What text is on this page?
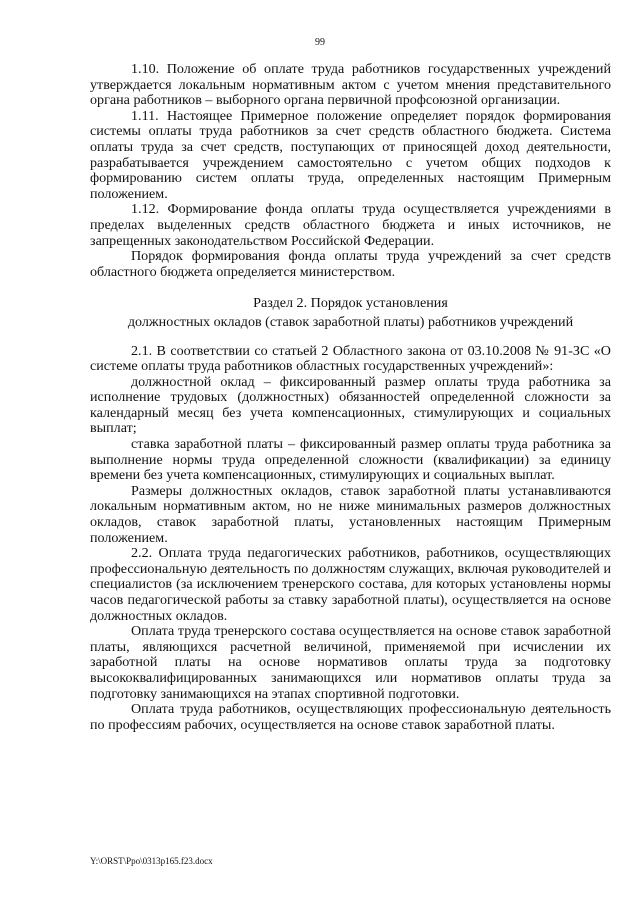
99

1.10. Положение об оплате труда работников государственных учреждений утверждается локальным нормативным актом с учетом мнения представительного органа работников – выборного органа первичной профсоюзной организации.

1.11. Настоящее Примерное положение определяет порядок формирования системы оплаты труда работников за счет средств областного бюджета. Система оплаты труда за счет средств, поступающих от приносящей доход деятельности, разрабатывается учреждением самостоятельно с учетом общих подходов к формированию систем оплаты труда, определенных настоящим Примерным положением.

1.12. Формирование фонда оплаты труда осуществляется учреждениями в пределах выделенных средств областного бюджета и иных источников, не запрещенных законодательством Российской Федерации.

Порядок формирования фонда оплаты труда учреждений за счет средств областного бюджета определяется министерством.

Раздел 2. Порядок установления

должностных окладов (ставок заработной платы) работников учреждений

2.1. В соответствии со статьей 2 Областного закона от 03.10.2008 № 91-ЗС «О системе оплаты труда работников областных государственных учреждений»:

должностной оклад – фиксированный размер оплаты труда работника за исполнение трудовых (должностных) обязанностей определенной сложности за календарный месяц без учета компенсационных, стимулирующих и социальных выплат;

ставка заработной платы – фиксированный размер оплаты труда работника за выполнение нормы труда определенной сложности (квалификации) за единицу времени без учета компенсационных, стимулирующих и социальных выплат.

Размеры должностных окладов, ставок заработной платы устанавливаются локальным нормативным актом, но не ниже минимальных размеров должностных окладов, ставок заработной платы, установленных настоящим Примерным положением.

2.2. Оплата труда педагогических работников, работников, осуществляющих профессиональную деятельность по должностям служащих, включая руководителей и специалистов (за исключением тренерского состава, для которых установлены нормы часов педагогической работы за ставку заработной платы), осуществляется на основе должностных окладов.

Оплата труда тренерского состава осуществляется на основе ставок заработной платы, являющихся расчетной величиной, применяемой при исчислении их заработной платы на основе нормативов оплаты труда за подготовку высококвалифицированных занимающихся или нормативов оплаты труда за подготовку занимающихся на этапах спортивной подготовки.

Оплата труда работников, осуществляющих профессиональную деятельность по профессиям рабочих, осуществляется на основе ставок заработной платы.

Y:\ORST\Ppo\0313p165.f23.docx
